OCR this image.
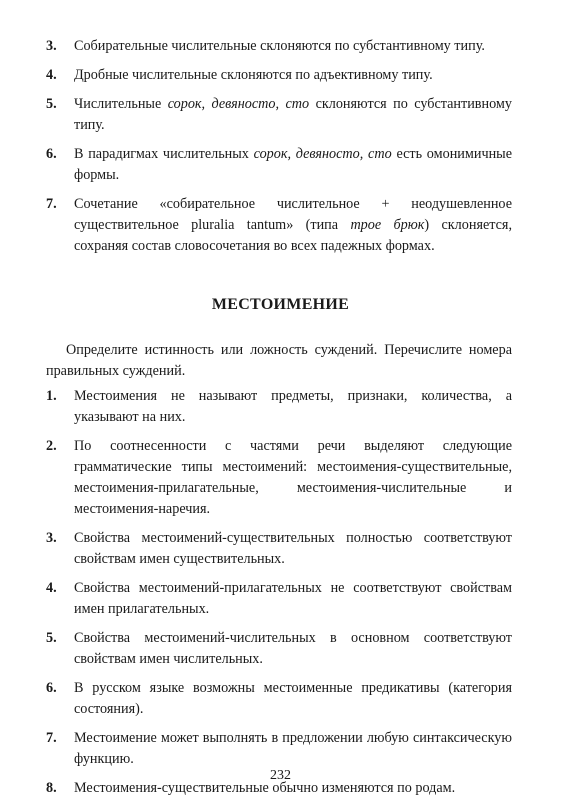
3. Собирательные числительные склоняются по субстантивному типу.
4. Дробные числительные склоняются по адъективному типу.
5. Числительные сорок, девяносто, сто склоняются по субстантивному типу.
6. В парадигмах числительных сорок, девяносто, сто есть омонимичные формы.
7. Сочетание «собирательное числительное + неодушевленное существительное pluralia tantum» (типа трое брюк) склоняется, сохраняя состав словосочетания во всех падежных формах.
МЕСТОИМЕНИЕ
Определите истинность или ложность суждений. Перечислите номера правильных суждений.
1. Местоимения не называют предметы, признаки, количества, а указывают на них.
2. По соотнесенности с частями речи выделяют следующие грамматические типы местоимений: местоимения-существительные, местоимения-прилагательные, местоимения-числительные и местоимения-наречия.
3. Свойства местоимений-существительных полностью соответствуют свойствам имен существительных.
4. Свойства местоимений-прилагательных не соответствуют свойствам имен прилагательных.
5. Свойства местоимений-числительных в основном соответствуют свойствам имен числительных.
6. В русском языке возможны местоименные предикативы (категория состояния).
7. Местоимение может выполнять в предложении любую синтаксическую функцию.
8. Местоимения-существительные обычно изменяются по родам.
232
